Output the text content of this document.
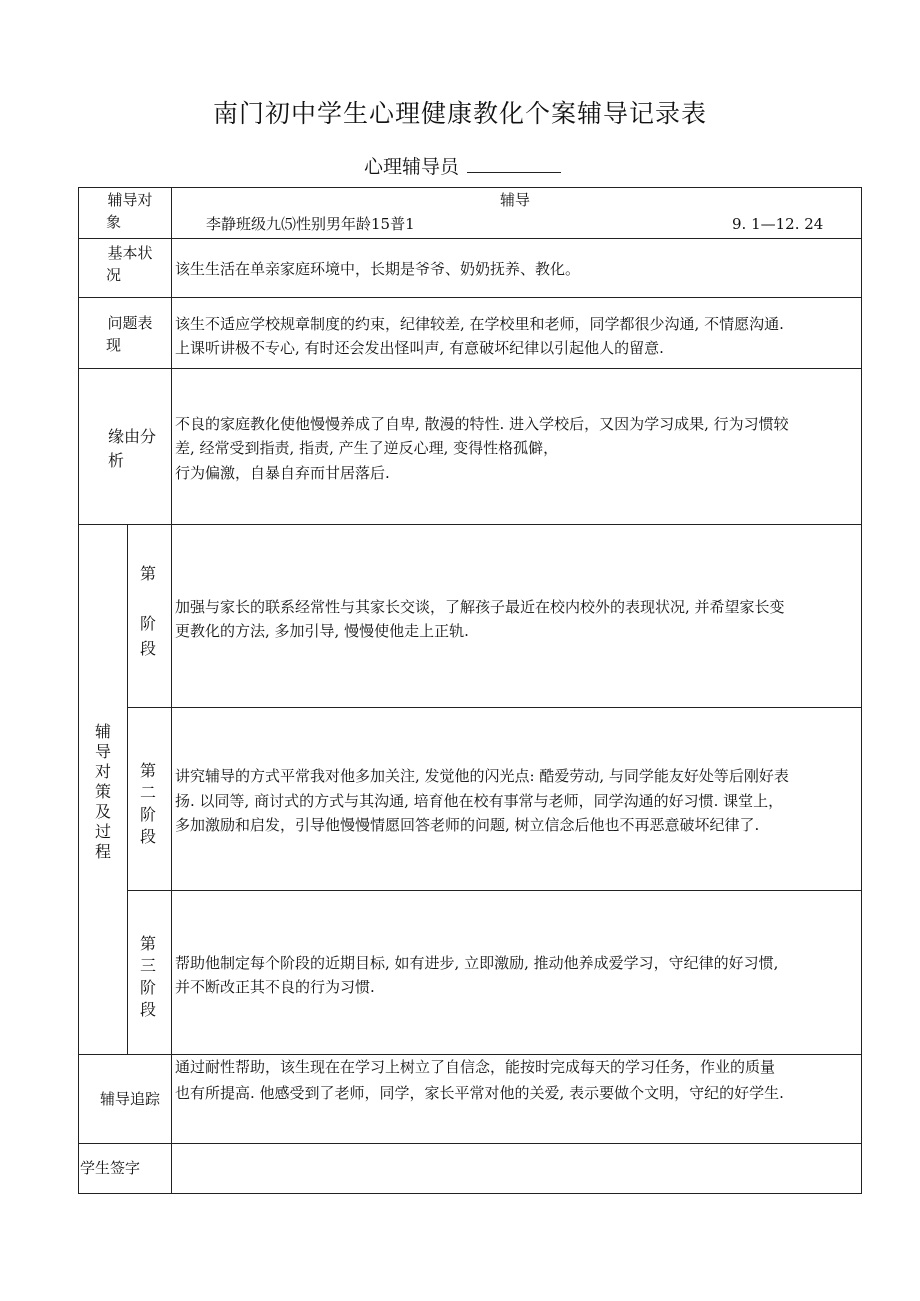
南门初中学生心理健康教化个案辅导记录表
心理辅导员
辅导对
象
辅导
李静班级九⑸性别男年龄15普1	9. 1—12. 24
基本状
况	该生生活在单亲家庭环境中，长期是爷爷、奶奶抚养、教化。
问题表
现
该生不适应学校规章制度的约束，纪律较差, 在学校里和老师，同学都很少沟通, 不情愿沟通.
上课听讲极不专心, 有时还会发出怪叫声, 有意破坏纪律以引起他人的留意.
缘由分
析
不良的家庭教化使他慢慢养成了自卑, 散漫的特性. 进入学校后，又因为学习成果, 行为习惯较
差, 经常受到指责, 指责, 产生了逆反心理, 变得性格孤僻，
行为偏激，自暴自弃而甘居落后.
辅
导
对
策
及
过
程
第
阶
段
加强与家长的联系经常性与其家长交谈，了解孩子最近在校内校外的表现状况, 并希望家长变
更教化的方法, 多加引导, 慢慢使他走上正轨.
第
二
阶
段
讲究辅导的方式平常我对他多加关注, 发觉他的闪光点: 酷爱劳动, 与同学能友好处等后刚好表
扬. 以同等, 商讨式的方式与其沟通, 培育他在校有事常与老师，同学沟通的好习惯. 课堂上，
多加激励和启发，引导他慢慢情愿回答老师的问题, 树立信念后他也不再恶意破坏纪律了.
第
三
阶
段
帮助他制定每个阶段的近期目标, 如有进步, 立即激励, 推动他养成爱学习，守纪律的好习惯,
并不断改正其不良的行为习惯.
辅导追踪
通过耐性帮助，该生现在在学习上树立了自信念，能按时完成每天的学习任务，作业的质量
也有所提高. 他感受到了老师，同学，家长平常对他的关爱, 表示要做个文明，守纪的好学生.
学生签字
